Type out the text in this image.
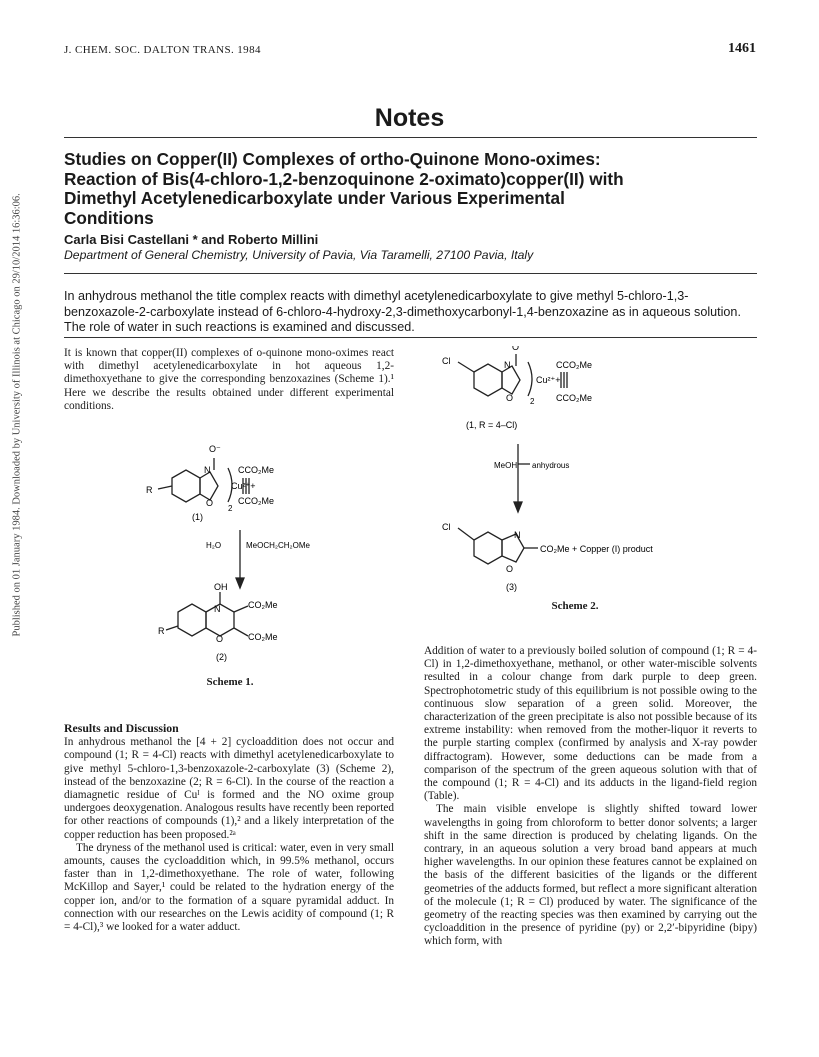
Published on 01 January 1984. Downloaded by University of Illinois at Chicago on 29/10/2014 16:36:06.
J. CHEM. SOC. DALTON TRANS. 1984	1461
Notes
Studies on Copper(II) Complexes of ortho-Quinone Mono-oximes:
Reaction of Bis(4-chloro-1,2-benzoquinone 2-oximato)copper(II) with
Dimethyl Acetylenedicarboxylate under Various Experimental
Conditions
Carla Bisi Castellani * and Roberto Millini
Department of General Chemistry, University of Pavia, Via Taramelli, 27100 Pavia, Italy
In anhydrous methanol the title complex reacts with dimethyl acetylenedicarboxylate to give methyl 5-chloro-1,3-benzoxazole-2-carboxylate instead of 6-chloro-4-hydroxy-2,3-dimethoxycarbonyl-1,4-benzoxazine as in aqueous solution. The role of water in such reactions is examined and discussed.

It is known that copper(II) complexes of o-quinone mono-oximes react with dimethyl acetylenedicarboxylate in hot aqueous 1,2-dimethoxyethane to give the corresponding benzoxazines (Scheme 1).¹ Here we describe the results obtained under different experimental conditions.

O⁻
R
N
O
Cu²⁺+
2
CCO₂Me
CCO₂Me
(1)
H₂O	MeOCH₂CH₂OMe
OH
N	CO₂Me
R
O	CO₂Me
(2)
Scheme 1.
Results and Discussion

In anhydrous methanol the [4 + 2] cycloaddition does not occur and compound (1; R = 4-Cl) reacts with dimethyl acetylenedicarboxylate to give methyl 5-chloro-1,3-benzoxazole-2-carboxylate (3) (Scheme 2), instead of the benzoxazine (2; R = 6-Cl). In the course of the reaction a diamagnetic residue of Cuᴵ is formed and the NO oxime group undergoes deoxygenation. Analogous results have recently been reported for other reactions of compounds (1),² and a likely interpretation of the copper reduction has been proposed.²ᵃ

The dryness of the methanol used is critical: water, even in very small amounts, causes the cycloaddition which, in 99.5% methanol, occurs faster than in 1,2-dimethoxyethane. The role of water, following McKillop and Sayer,¹ could be related to the hydration energy of the copper ion, and/or to the formation of a square pyramidal adduct. In connection with our researches on the Lewis acidity of compound (1; R = 4-Cl),³ we looked for a water adduct.

O⁻
Cl	N
O
Cu²⁺+
2
CCO₂Me
CCO₂Me
(1, R = 4–Cl)
MeOH anhydrous
Cl
N
O
CO₂Me + Copper (I) product
(3)
Scheme 2.

Addition of water to a previously boiled solution of compound (1; R = 4-Cl) in 1,2-dimethoxyethane, methanol, or other water-miscible solvents resulted in a colour change from dark purple to deep green. Spectrophotometric study of this equilibrium is not possible owing to the continuous slow separation of a green solid. Moreover, the characterization of the green precipitate is also not possible because of its extreme instability: when removed from the mother-liquor it reverts to the purple starting complex (confirmed by analysis and X-ray powder diffractogram). However, some deductions can be made from a comparison of the spectrum of the green aqueous solution with that of the compound (1; R = 4-Cl) and its adducts in the ligand-field region (Table).

The main visible envelope is slightly shifted toward lower wavelengths in going from chloroform to better donor solvents; a larger shift in the same direction is produced by chelating ligands. On the contrary, in an aqueous solution a very broad band appears at much higher wavelengths. In our opinion these features cannot be explained on the basis of the different basicities of the ligands or the different geometries of the adducts formed, but reflect a more significant alteration of the molecule (1; R = Cl) produced by water. The significance of the geometry of the reacting species was then examined by carrying out the cycloaddition in the presence of pyridine (py) or 2,2′-bipyridine (bipy) which form, with
